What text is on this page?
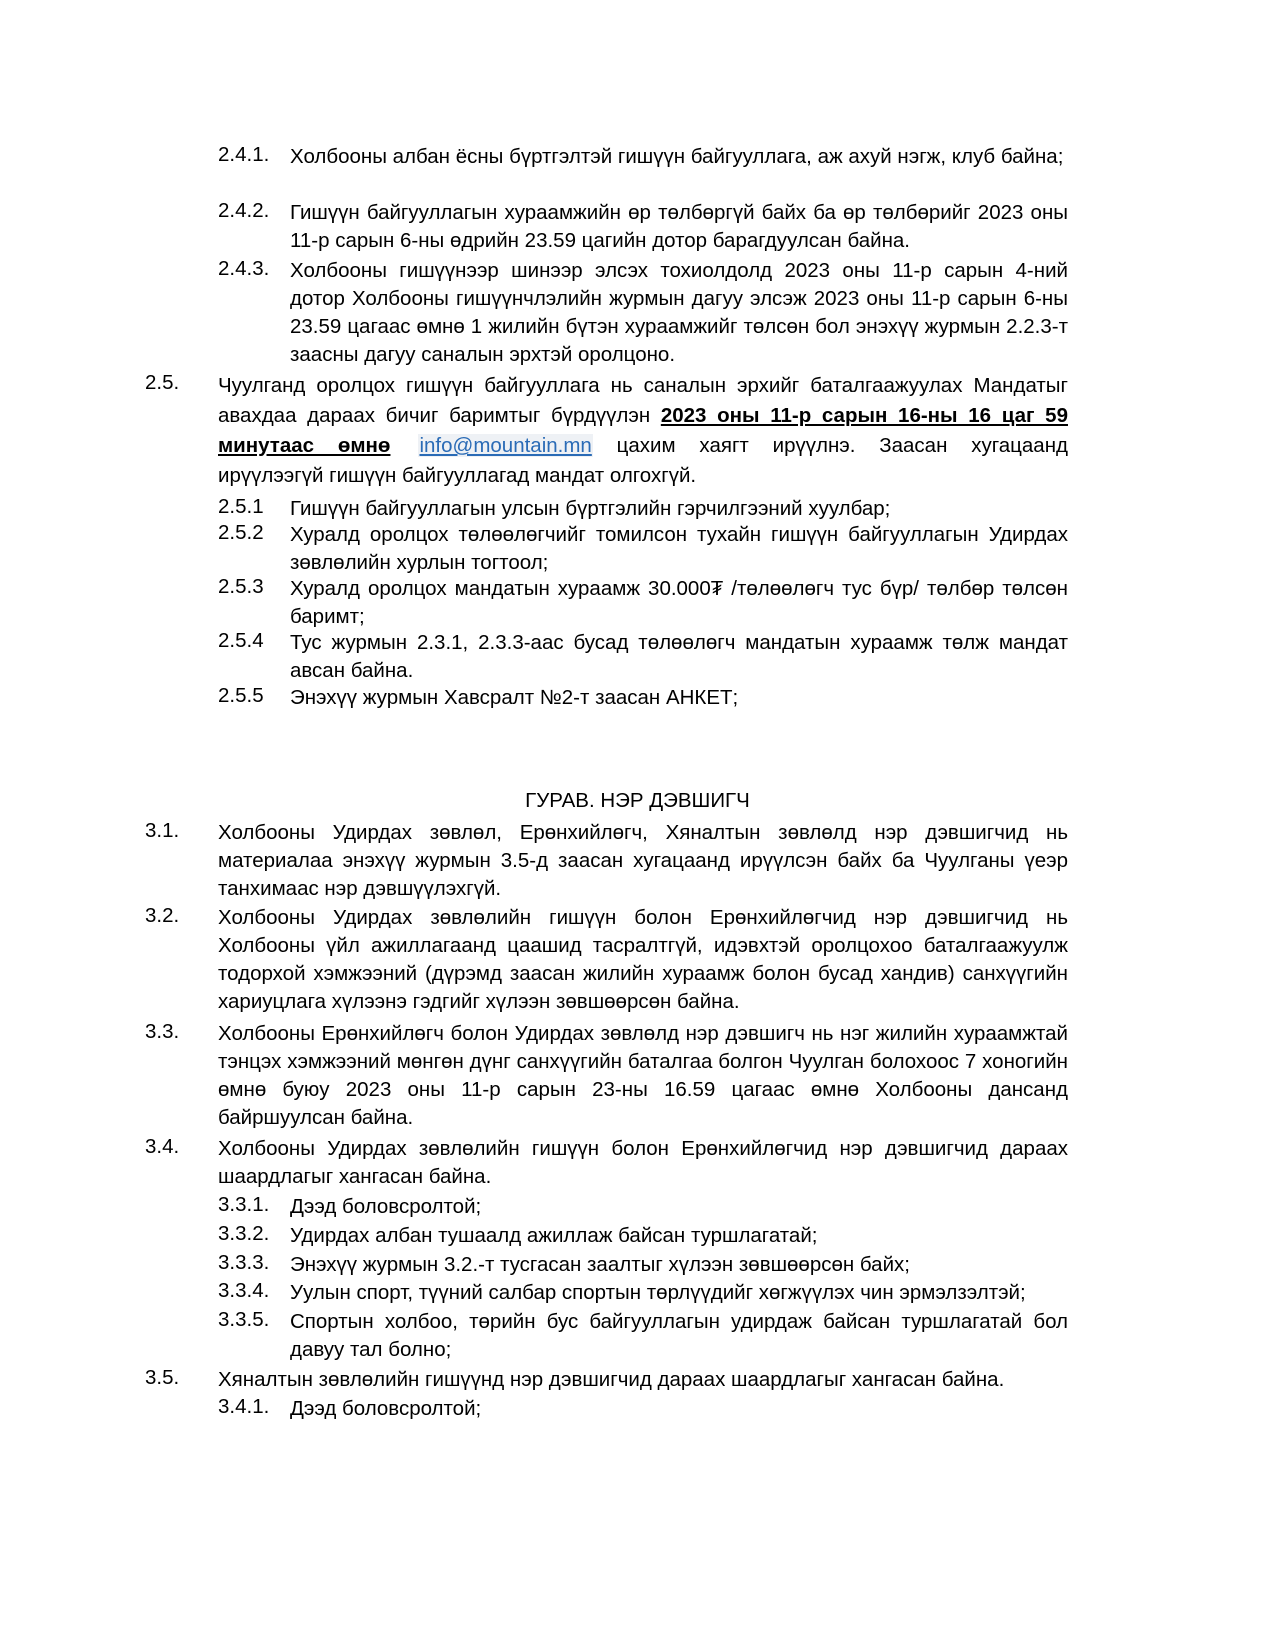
2.4.1. Холбооны албан ёсны бүртгэлтэй гишүүн байгууллага, аж ахуй нэгж, клуб байна;
2.4.2. Гишүүн байгууллагын хураамжийн өр төлбөргүй байх ба өр төлбөрийг 2023 оны 11-р сарын 6-ны өдрийн 23.59 цагийн дотор барагдуулсан байна.
2.4.3. Холбооны гишүүнээр шинээр элсэх тохиолдолд 2023 оны 11-р сарын 4-ний дотор Холбооны гишүүнчлэлийн журмын дагуу элсэж 2023 оны 11-р сарын 6-ны 23.59 цагаас өмнө 1 жилийн бүтэн хураамжийг төлсөн бол энэхүү журмын 2.2.3-т заасны дагуу саналын эрхтэй оролцоно.
2.5. Чуулганд оролцох гишүүн байгууллага нь саналын эрхийг баталгаажуулах Мандатыг авахдаа дараах бичиг баримтыг бүрдүүлэн 2023 оны 11-р сарын 16-ны 16 цаг 59 минутаас өмнө info@mountain.mn цахим хаягт ирүүлнэ. Заасан хугацаанд ирүүлээгүй гишүүн байгууллагад мандат олгохгүй.
2.5.1 Гишүүн байгууллагын улсын бүртгэлийн гэрчилгээний хуулбар;
2.5.2 Хуралд оролцох төлөөлөгчийг томилсон тухайн гишүүн байгууллагын Удирдах зөвлөлийн хурлын тогтоол;
2.5.3 Хуралд оролцох мандатын хураамж 30.000₮ /төлөөлөгч тус бүр/ төлбөр төлсөн баримт;
2.5.4 Тус журмын 2.3.1, 2.3.3-аас бусад төлөөлөгч мандатын хураамж төлж мандат авсан байна.
2.5.5 Энэхүү журмын Хавсралт №2-т заасан АНКЕТ;
ГУРАВ. НЭР ДЭВШИГЧ
3.1. Холбооны Удирдах зөвлөл, Ерөнхийлөгч, Хяналтын зөвлөлд нэр дэвшигчид нь материалаа энэхүү журмын 3.5-д заасан хугацаанд ирүүлсэн байх ба Чуулганы үеэр танхимаас нэр дэвшүүлэхгүй.
3.2. Холбооны Удирдах зөвлөлийн гишүүн болон Ерөнхийлөгчид нэр дэвшигчид нь Холбооны үйл ажиллагаанд цаашид тасралтгүй, идэвхтэй оролцохоо баталгаажуулж тодорхой хэмжээний (дүрэмд заасан жилийн хураамж болон бусад хандив) санхүүгийн хариуцлага хүлээнэ гэдгийг хүлээн зөвшөөрсөн байна.
3.3. Холбооны Ерөнхийлөгч болон Удирдах зөвлөлд нэр дэвшигч нь нэг жилийн хураамжтай тэнцэх хэмжээний мөнгөн дүнг санхүүгийн баталгаа болгон Чуулган болохоос 7 хоногийн өмнө буюу 2023 оны 11-р сарын 23-ны 16.59 цагаас өмнө Холбооны дансанд байршуулсан байна.
3.4. Холбооны Удирдах зөвлөлийн гишүүн болон Ерөнхийлөгчид нэр дэвшигчид дараах шаардлагыг хангасан байна.
3.3.1. Дээд боловсролтой;
3.3.2. Удирдах албан тушаалд ажиллаж байсан туршлагатай;
3.3.3. Энэхүү журмын 3.2.-т тусгасан заалтыг хүлээн зөвшөөрсөн байх;
3.3.4. Уулын спорт, түүний салбар спортын төрлүүдийг хөгжүүлэх чин эрмэлзэлтэй;
3.3.5. Спортын холбоо, төрийн бус байгууллагын удирдаж байсан туршлагатай бол давуу тал болно;
3.5. Хяналтын зөвлөлийн гишүүнд нэр дэвшигчид дараах шаардлагыг хангасан байна.
3.4.1. Дээд боловсролтой;
